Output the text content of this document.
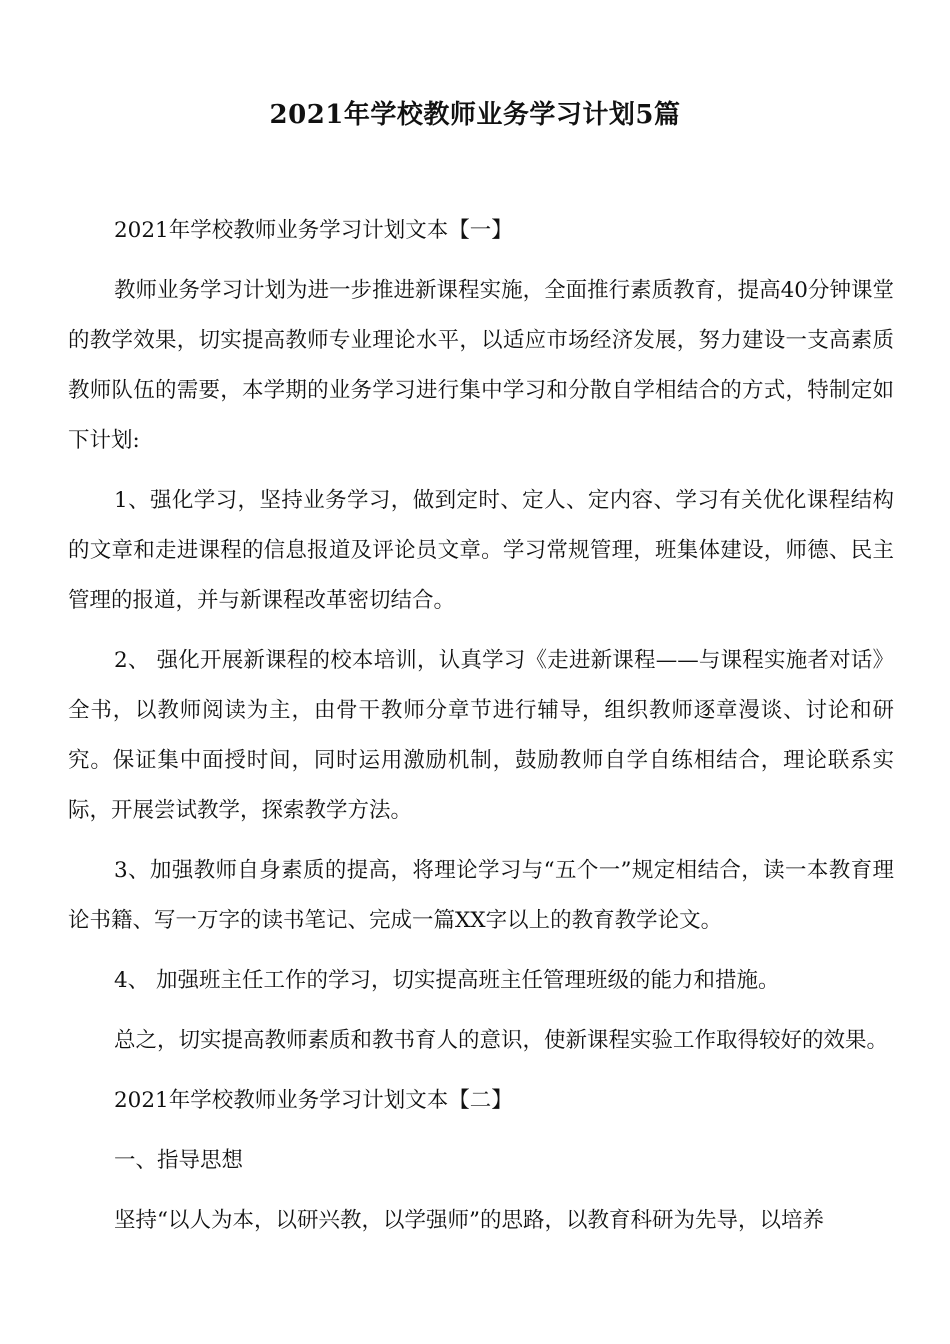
2021年学校教师业务学习计划5篇

2021年学校教师业务学习计划文本【一】

教师业务学习计划为进一步推进新课程实施，全面推行素质教育，提高40分钟课堂的教学效果，切实提高教师专业理论水平，以适应市场经济发展，努力建设一支高素质教师队伍的需要，本学期的业务学习进行集中学习和分散自学相结合的方式，特制定如下计划:

1、强化学习，坚持业务学习，做到定时、定人、定内容、学习有关优化课程结构的文章和走进课程的信息报道及评论员文章。学习常规管理，班集体建设，师德、民主管理的报道，并与新课程改革密切结合。

2、 强化开展新课程的校本培训，认真学习《走进新课程——与课程实施者对话》全书，以教师阅读为主，由骨干教师分章节进行辅导，组织教师逐章漫谈、讨论和研究。保证集中面授时间，同时运用激励机制，鼓励教师自学自练相结合，理论联系实际，开展尝试教学，探索教学方法。

3、加强教师自身素质的提高，将理论学习与“五个一”规定相结合，读一本教育理论书籍、写一万字的读书笔记、完成一篇XX字以上的教育教学论文。

4、 加强班主任工作的学习，切实提高班主任管理班级的能力和措施。

总之，切实提高教师素质和教书育人的意识，使新课程实验工作取得较好的效果。

2021年学校教师业务学习计划文本【二】

一、指导思想

坚持“以人为本，以研兴教，以学强师”的思路，以教育科研为先导，以培养
